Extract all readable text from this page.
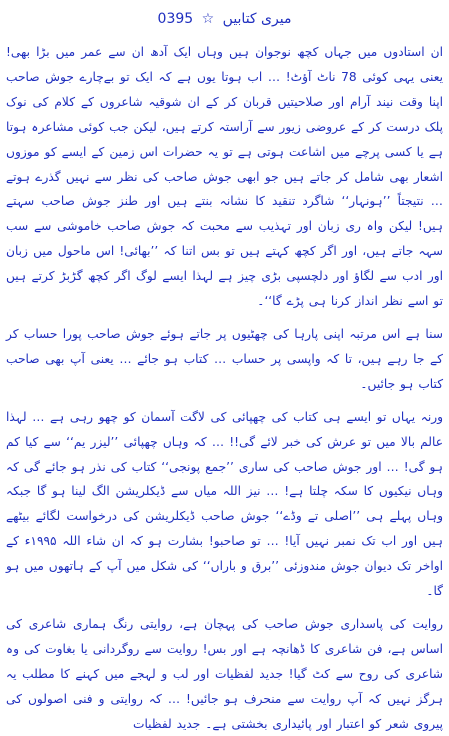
میری کتابیں ☆ 0395

ان استادوں میں جہاں کچھ نوجوان ہیں وہاں ایک آدھ ان سے عمر میں بڑا بھی! یعنی یہی کوئی 78 ناٹ آؤٹ! … اب ہوتا یوں ہے کہ ایک تو بےچارے جوش صاحب اپنا وقت نیند آرام اور صلاحیتیں قربان کر کے ان شوقیہ شاعروں کے کلام کی نوک پلک درست کر کے عروضی زیور سے آراستہ کرتے ہیں، لیکن جب کوئی مشاعرہ ہوتا ہے یا کسی پرچے میں اشاعت ہوتی ہے تو یہ حضرات اس زمین کے ایسے کو موزوں اشعار بھی شامل کر جاتے ہیں جو ابھی جوش صاحب کی نظر سے نہیں گذرے ہوتے … نتیجتاً ’’ہونہار‘‘ شاگرد تنقید کا نشانہ بنتے ہیں اور طنز جوش صاحب سہتے ہیں! لیکن واہ ری زبان اور تہذیب سے محبت کہ جوش صاحب خاموشی سے سب سہہ جاتے ہیں، اور اگر کچھ کہتے ہیں تو بس اتنا کہ ’’بھائی! اس ماحول میں زبان اور ادب سے لگاؤ اور دلچسپی بڑی چیز ہے لہذا ایسے لوگ اگر کچھ گڑبڑ کرتے ہیں تو اسے نظر انداز کرنا ہی پڑے گا‘‘۔

سنا ہے اس مرتبہ اپنی پارہا کی چھٹیوں پر جاتے ہوئے جوش صاحب پورا حساب کر کے جا رہے ہیں، تا کہ واپسی پر حساب … کتاب ہو جائے … یعنی آپ بھی صاحب کتاب ہو جائیں۔

ورنہ یہاں تو ایسے ہی کتاب کی چھپائی کی لاگت آسمان کو چھو رہی ہے … لہذا عالم بالا میں تو عرش کی خبر لائے گی!! … کہ وہاں چھپائی ’’لیزر یم‘‘ سے کیا کم ہو گی! … اور جوش صاحب کی ساری ’’جمع پونجی‘‘ کتاب کی نذر ہو جائے گی کہ وہاں نیکیوں کا سکہ چلتا ہے! … نیز اللہ میاں سے ڈیکلریشن الگ لینا ہو گا جبکہ وہاں پہلے ہی ’’اصلی تے وڈے‘‘ جوش صاحب ڈیکلریشن کی درخواست لگائے بیٹھے ہیں اور اب تک نمبر نہیں آیا! … تو صاحبو! بشارت ہو کہ ان شاء اللہ ۱۹۹۵ء کے اواخر تک دیوان جوش مندوزئی ’’برق و باراں‘‘ کی شکل میں آپ کے ہاتھوں میں ہو گا۔

روایت کی پاسداری جوش صاحب کی پہچان ہے، روایتی رنگ ہماری شاعری کی اساس ہے، فن شاعری کا ڈھانچہ ہے اور بس! روایت سے روگردانی یا بغاوت کی وہ شاعری کی روح سے کٹ گیا! جدید لفظیات اور لب و لہجے میں کہنے کا مطلب یہ ہرگز نہیں کہ آپ روایت سے منحرف ہو جائیں! … کہ روایتی و فنی اصولوں کی پیروی شعر کو اعتبار اور پائیداری بخشتی ہے۔ جدید لفظیات
